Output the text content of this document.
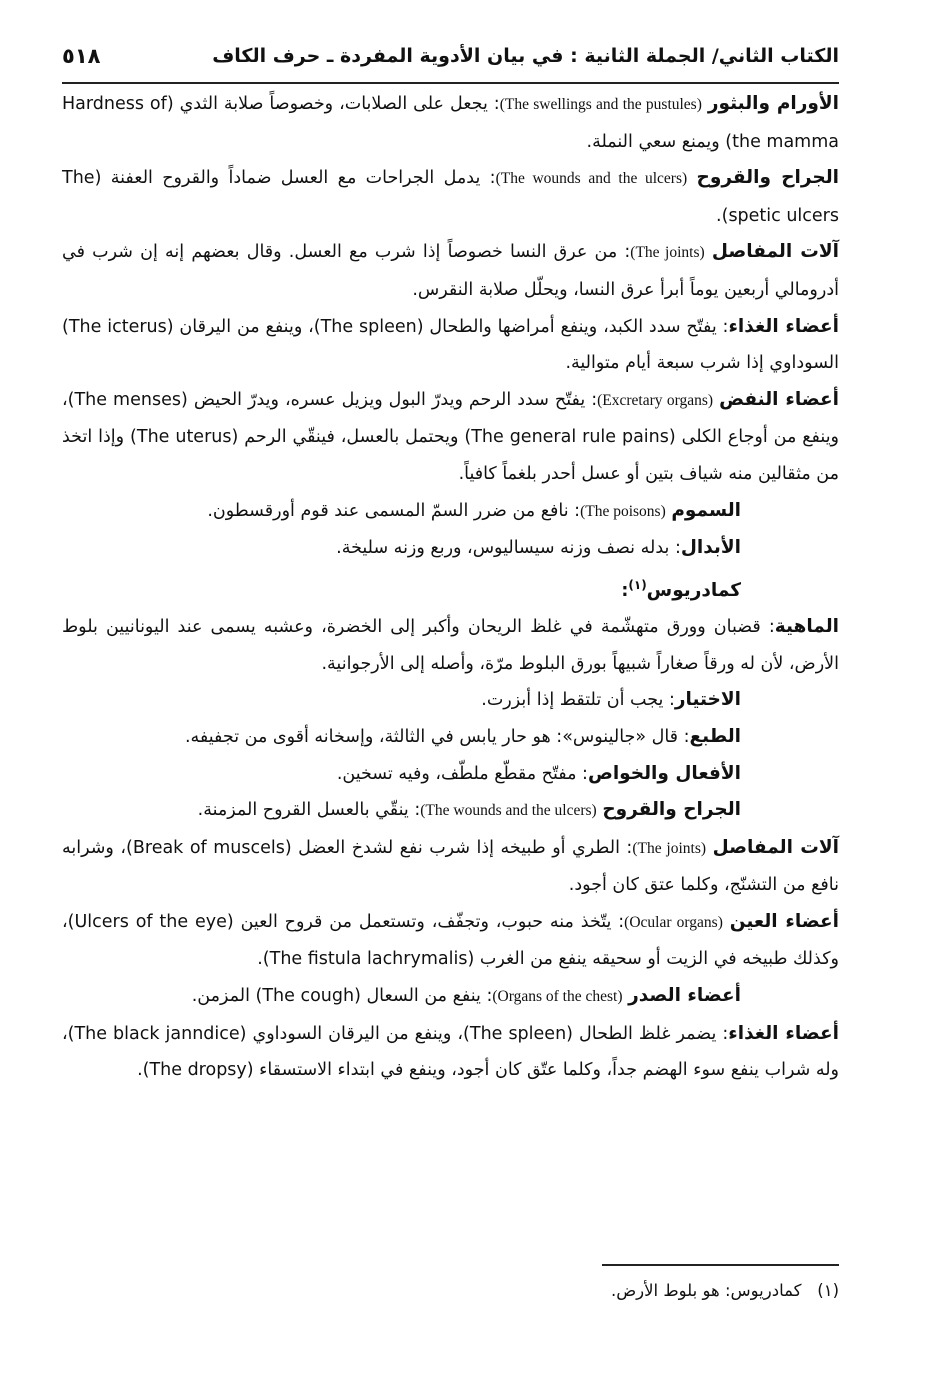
الكتاب الثاني/ الجملة الثانية : في بيان الأدوية المفردة ـ حرف الكاف
٥١٨

الأورام والبثور (The swellings and the pustules): يجعل على الصلابات، وخصوصاً صلابة الثدي (Hardness of the mamma) ويمنع سعي النملة.

الجراح والقروح (The wounds and the ulcers): يدمل الجراحات مع العسل ضماداً والقروح العفنة (The spetic ulcers).

آلات المفاصل (The joints): من عرق النسا خصوصاً إذا شرب مع العسل. وقال بعضهم إنه إن شرب في أدرومالي أربعين يوماً أبرأ عرق النسا، ويحلّل صلابة النقرس.

أعضاء الغذاء: يفتّح سدد الكبد، وينفع أمراضها والطحال (The spleen)، وينفع من اليرقان (The icterus) السوداوي إذا شرب سبعة أيام متوالية.

أعضاء النفض (Excretary organs): يفتّح سدد الرحم ويدرّ البول ويزيل عسره، ويدرّ الحيض (The menses)، وينفع من أوجاع الكلى (The general rule pains) ويحتمل بالعسل، فينقّي الرحم (The uterus) وإذا اتخذ من مثقالين منه شياف بتين أو عسل أحدر بلغماً كافياً.

السموم (The poisons): نافع من ضرر السمّ المسمى عند قوم أورقسطون.

الأبدال: بدله نصف وزنه سيساليوس، وربع وزنه سليخة.

كمادريوس$^{(١)}$:

الماهية: قضبان وورق متهشّمة في غلظ الريحان وأكبر إلى الخضرة، وعشبه يسمى عند اليونانيين بلوط الأرض، لأن له ورقاً صغاراً شبيهاً بورق البلوط مرّة، وأصله إلى الأرجوانية.

الاختيار: يجب أن تلتقط إذا أبزرت.

الطبع: قال «جالينوس»: هو حار يابس في الثالثة، وإسخانه أقوى من تجفيفه.

الأفعال والخواص: مفتّح مقطّع ملطّف، وفيه تسخين.

الجراح والقروح (The wounds and the ulcers): ينقّي بالعسل القروح المزمنة.

آلات المفاصل (The joints): الطري أو طبيخه إذا شرب نفع لشدخ العضل (Break of muscels)، وشرابه نافع من التشنّج، وكلما عتق كان أجود.

أعضاء العين (Ocular organs): يتّخذ منه حبوب، وتجفّف، وتستعمل من قروح العين (Ulcers of the eye)، وكذلك طبيخه في الزيت أو سحيقه ينفع من الغرب (The fistula lachrymalis).

أعضاء الصدر (Organs of the chest): ينفع من السعال (The cough) المزمن.

أعضاء الغذاء: يضمر غلظ الطحال (The spleen)، وينفع من اليرقان السوداوي (The black janndice)، وله شراب ينفع سوء الهضم جداً، وكلما عتّق كان أجود، وينفع في ابتداء الاستسقاء (The dropsy).

(١)   كمادريوس: هو بلوط الأرض.
